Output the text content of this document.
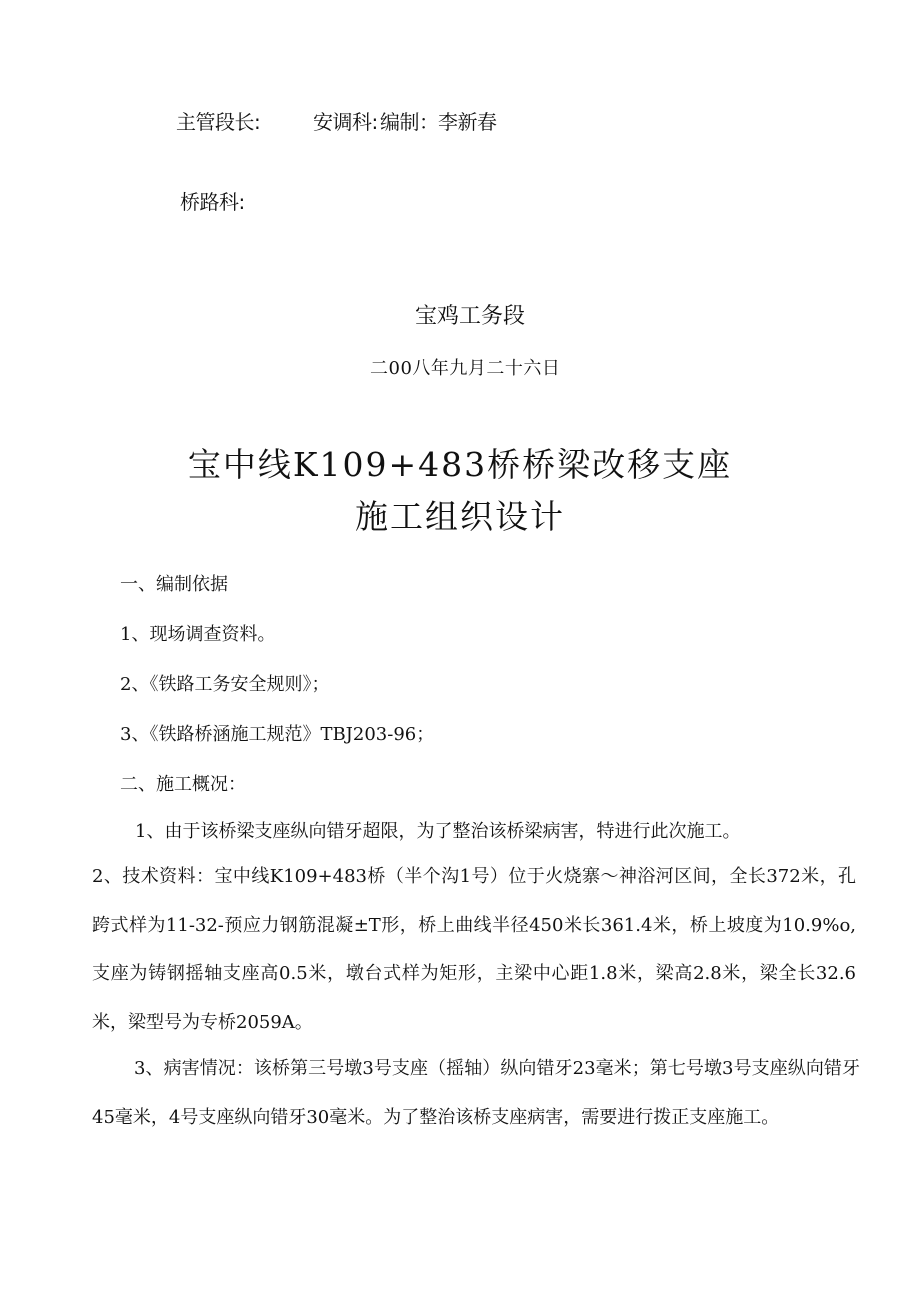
主管段长:	安调科: 编制： 李新春
桥路科:
宝鸡工务段
二00八年九月二十六日
宝中线K109+483桥桥梁改移支座
施工组织设计
一、编制依据
1、现场调查资料。
2、《铁路工务安全规则》；
3、《铁路桥涵施工规范》TBJ203-96；
二、施工概况：
1、由于该桥梁支座纵向错牙超限，为了整治该桥梁病害，特进行此次施工。

2、技术资料：宝中线K109+483桥（半个沟1号）位于火烧寨～神浴河区间，全长372米，孔跨式样为11-32-预应力钢筋混凝±T形，桥上曲线半径450米长361.4米，桥上坡度为10.9%o,支座为铸钢摇轴支座高0.5米，墩台式样为矩形，主梁中心距1.8米，梁高2.8米，梁全长32.6米，梁型号为专桥2059A。

3、病害情况：该桥第三号墩3号支座（摇轴）纵向错牙23毫米；第七号墩3号支座纵向错牙45毫米，4号支座纵向错牙30毫米。为了整治该桥支座病害，需要进行拨正支座施工。
